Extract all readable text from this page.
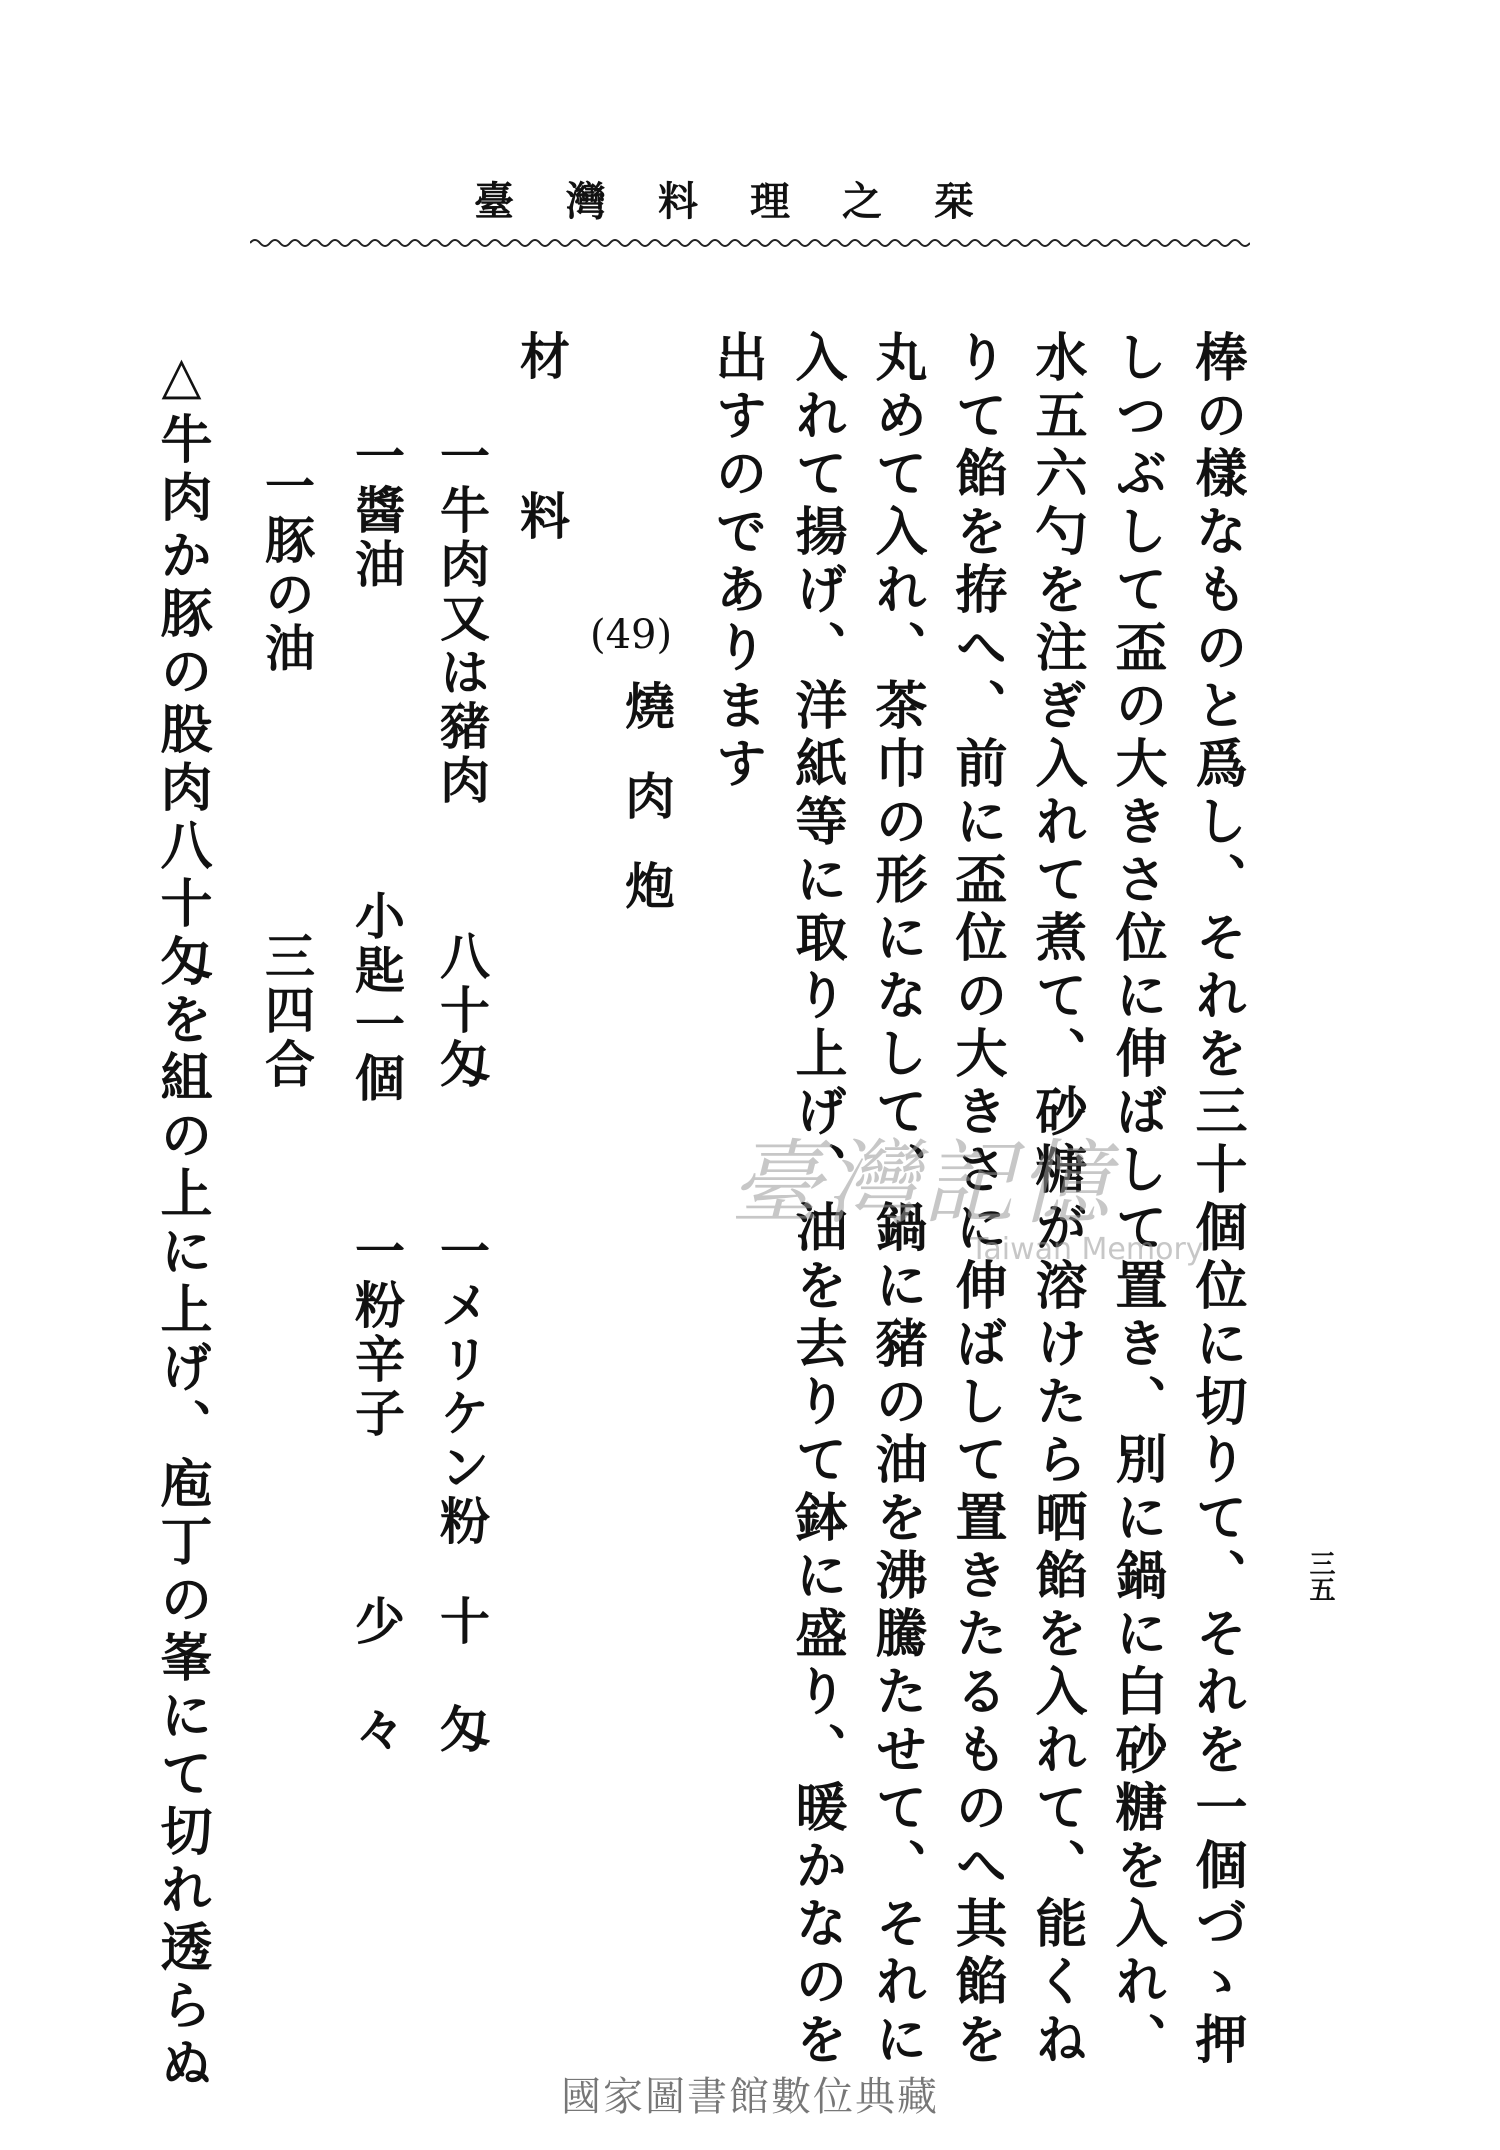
臺灣料理之栞
三五
棒の樣なものと爲し、それを三十個位に切りて、それを一個づゝ押
しつぶして盃の大きさ位に伸ばして置き、別に鍋に白砂糖を入れ、
水五六勺を注ぎ入れて煮て、砂糖が溶けたら晒餡を入れて、能くね
りて餡を拵へ、前に盃位の大きさに伸ばして置きたるものへ其餡を
丸めて入れ、茶巾の形になして、鍋に豬の油を沸騰たせて、それに
入れて揚げ、洋紙等に取り上げ、油を去りて鉢に盛り、暖かなのを
出すのであります
(49)
燒肉炮
材　料
一牛肉又は豬肉
八十匁
一メリケン粉
十　匁
一醬油
小匙一個
一粉辛子
少　々
一豚の油
三四合
△牛肉か豚の股肉八十匁を組の上に上げ、庖丁の峯にて切れ透らぬ	臺灣記憶
Taiwan Memory
國家圖書館數位典藏
